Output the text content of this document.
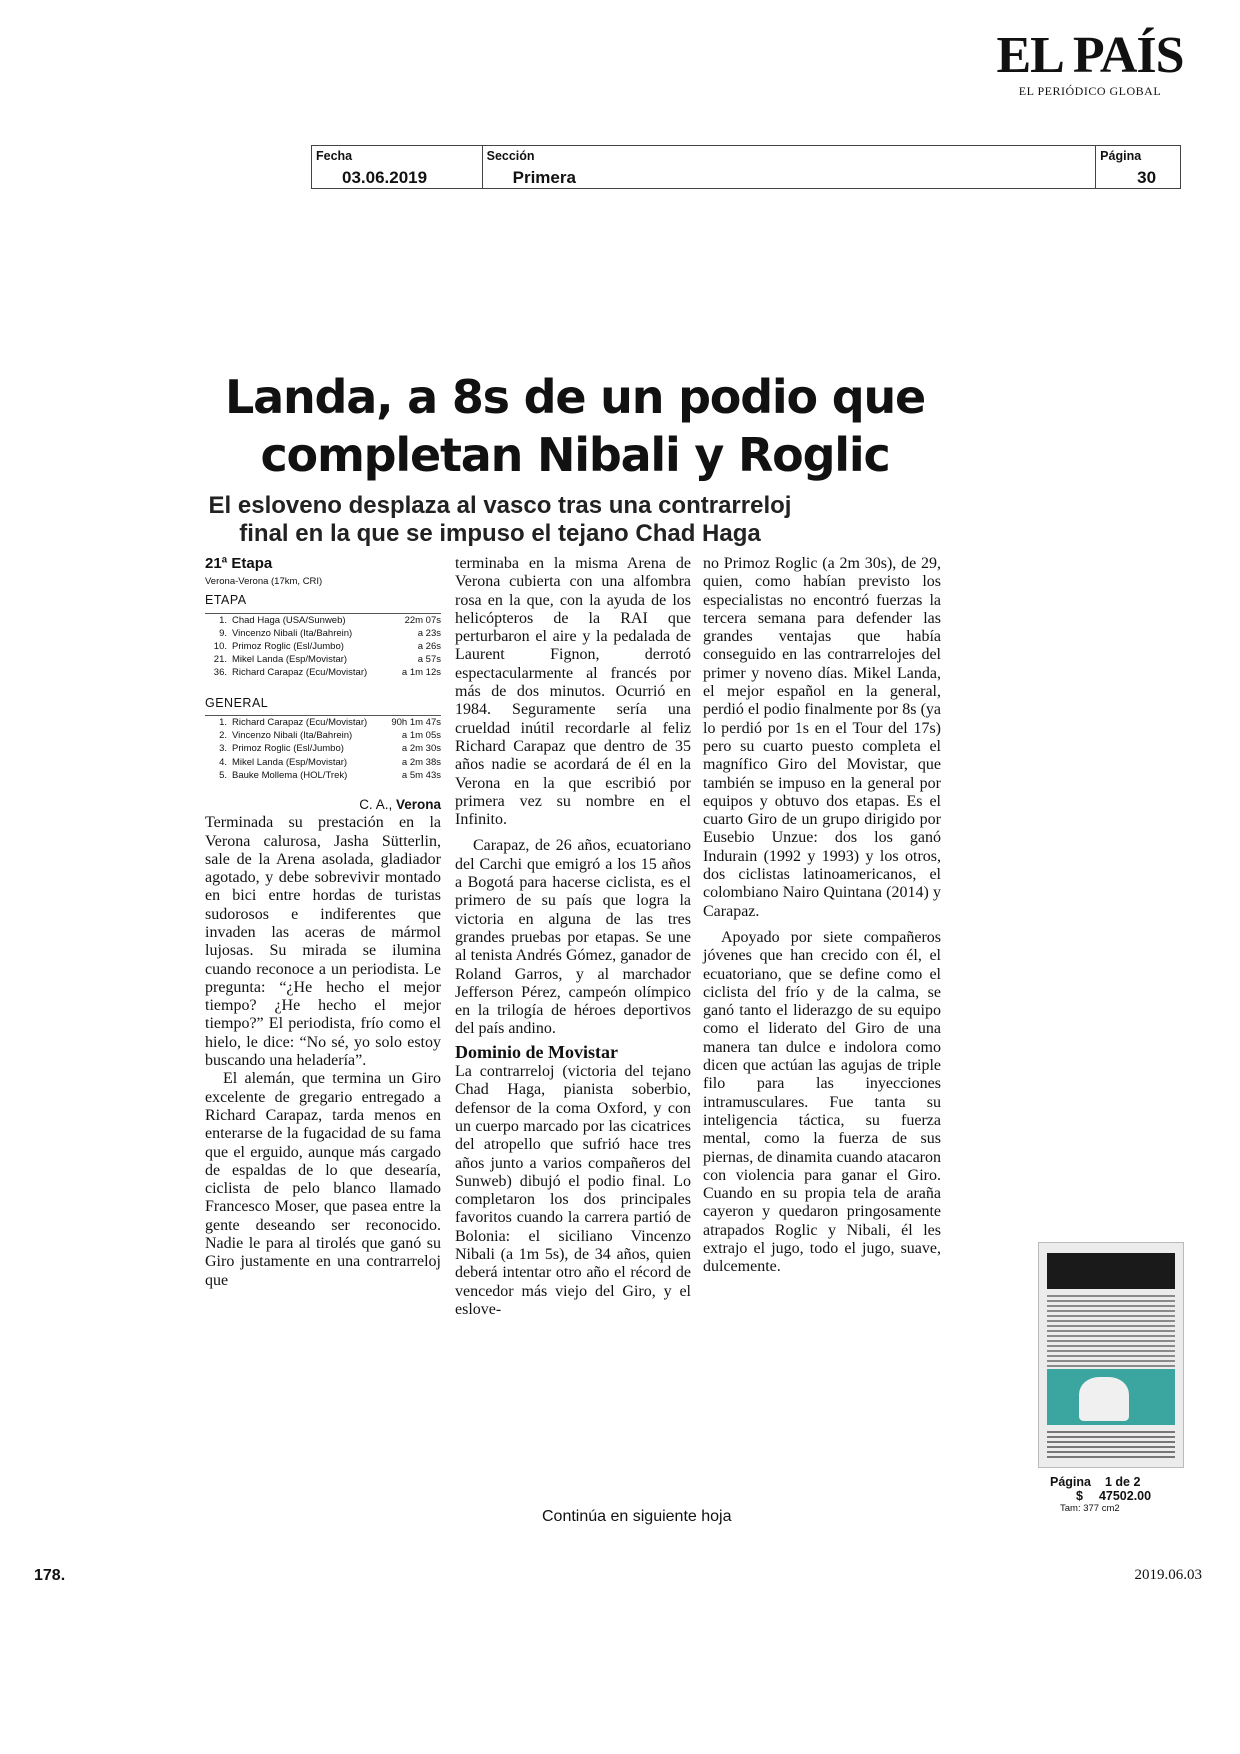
EL PAÍS
EL PERIÓDICO GLOBAL
Fecha
03.06.2019
Sección
Primera
Página
30
Landa, a 8s de un podio que completan Nibali y Roglic
El esloveno desplaza al vasco tras una contrarreloj final en la que se impuso el tejano Chad Haga

21ª Etapa

Verona-Verona (17km, CRI)

ETAPA

1.	Chad Haga (USA/Sunweb)	22m 07s
9.	Vincenzo Nibali (Ita/Bahrein)	a 23s
10.	Primoz Roglic (Esl/Jumbo)	a 26s
21.	Mikel Landa (Esp/Movistar)	a 57s
36.	Richard Carapaz (Ecu/Movistar)	a 1m 12s

GENERAL

1.	Richard Carapaz (Ecu/Movistar)	90h 1m 47s
2.	Vincenzo Nibali (Ita/Bahrein)	a 1m 05s
3.	Primoz Roglic (Esl/Jumbo)	a 2m 30s
4.	Mikel Landa (Esp/Movistar)	a 2m 38s
5.	Bauke Mollema (HOL/Trek)	a 5m 43s

C. A., Verona

Terminada su prestación en la Verona calurosa, Jasha Sütterlin, sale de la Arena asolada, gladiador agotado, y debe sobrevivir montado en bici entre hordas de turistas sudorosos e indiferentes que invaden las aceras de mármol lujosas. Su mirada se ilumina cuando reconoce a un periodista. Le pregunta: “¿He hecho el mejor tiempo? ¿He hecho el mejor tiempo?” El periodista, frío como el hielo, le dice: “No sé, yo solo estoy buscando una heladería”.

El alemán, que termina un Giro excelente de gregario entregado a Richard Carapaz, tarda menos en enterarse de la fugacidad de su fama que el erguido, aunque más cargado de espaldas de lo que desearía, ciclista de pelo blanco llamado Francesco Moser, que pasea entre la gente deseando ser reconocido. Nadie le para al tirolés que ganó su Giro justamente en una contrarreloj que

terminaba en la misma Arena de Verona cubierta con una alfombra rosa en la que, con la ayuda de los helicópteros de la RAI que perturbaron el aire y la pedalada de Laurent Fignon, derrotó espectacularmente al francés por más de dos minutos. Ocurrió en 1984. Seguramente sería una crueldad inútil recordarle al feliz Richard Carapaz que dentro de 35 años nadie se acordará de él en la Verona en la que escribió por primera vez su nombre en el Infinito.

Carapaz, de 26 años, ecuatoriano del Carchi que emigró a los 15 años a Bogotá para hacerse ciclista, es el primero de su país que logra la victoria en alguna de las tres grandes pruebas por etapas. Se une al tenista Andrés Gómez, ganador de Roland Garros, y al marchador Jefferson Pérez, campeón olímpico en la trilogía de héroes deportivos del país andino.

Dominio de Movistar

La contrarreloj (victoria del tejano Chad Haga, pianista soberbio, defensor de la coma Oxford, y con un cuerpo marcado por las cicatrices del atropello que sufrió hace tres años junto a varios compañeros del Sunweb) dibujó el podio final. Lo completaron los dos principales favoritos cuando la carrera partió de Bolonia: el siciliano Vincenzo Nibali (a 1m 5s), de 34 años, quien deberá intentar otro año el récord de vencedor más viejo del Giro, y el eslove-

no Primoz Roglic (a 2m 30s), de 29, quien, como habían previsto los especialistas no encontró fuerzas la tercera semana para defender las grandes ventajas que había conseguido en las contrarrelojes del primer y noveno días. Mikel Landa, el mejor español en la general, perdió el podio finalmente por 8s (ya lo perdió por 1s en el Tour del 17s) pero su cuarto puesto completa el magnífico Giro del Movistar, que también se impuso en la general por equipos y obtuvo dos etapas. Es el cuarto Giro de un grupo dirigido por Eusebio Unzue: dos los ganó Indurain (1992 y 1993) y los otros, dos ciclistas latinoamericanos, el colombiano Nairo Quintana (2014) y Carapaz.

Apoyado por siete compañeros jóvenes que han crecido con él, el ecuatoriano, que se define como el ciclista del frío y de la calma, se ganó tanto el liderazgo de su equipo como el liderato del Giro de una manera tan dulce e indolora como dicen que actúan las agujas de triple filo para las inyecciones intramusculares. Fue tanta su inteligencia táctica, su fuerza mental, como la fuerza de sus piernas, de dinamita cuando atacaron con violencia para ganar el Giro. Cuando en su propia tela de araña cayeron y quedaron pringosamente atrapados Roglic y Nibali, él les extrajo el jugo, todo el jugo, suave, dulcemente.

Página 1 de 2
$ 47502.00
Tam: 377 cm2
Continúa en siguiente hoja
178.	2019.06.03
